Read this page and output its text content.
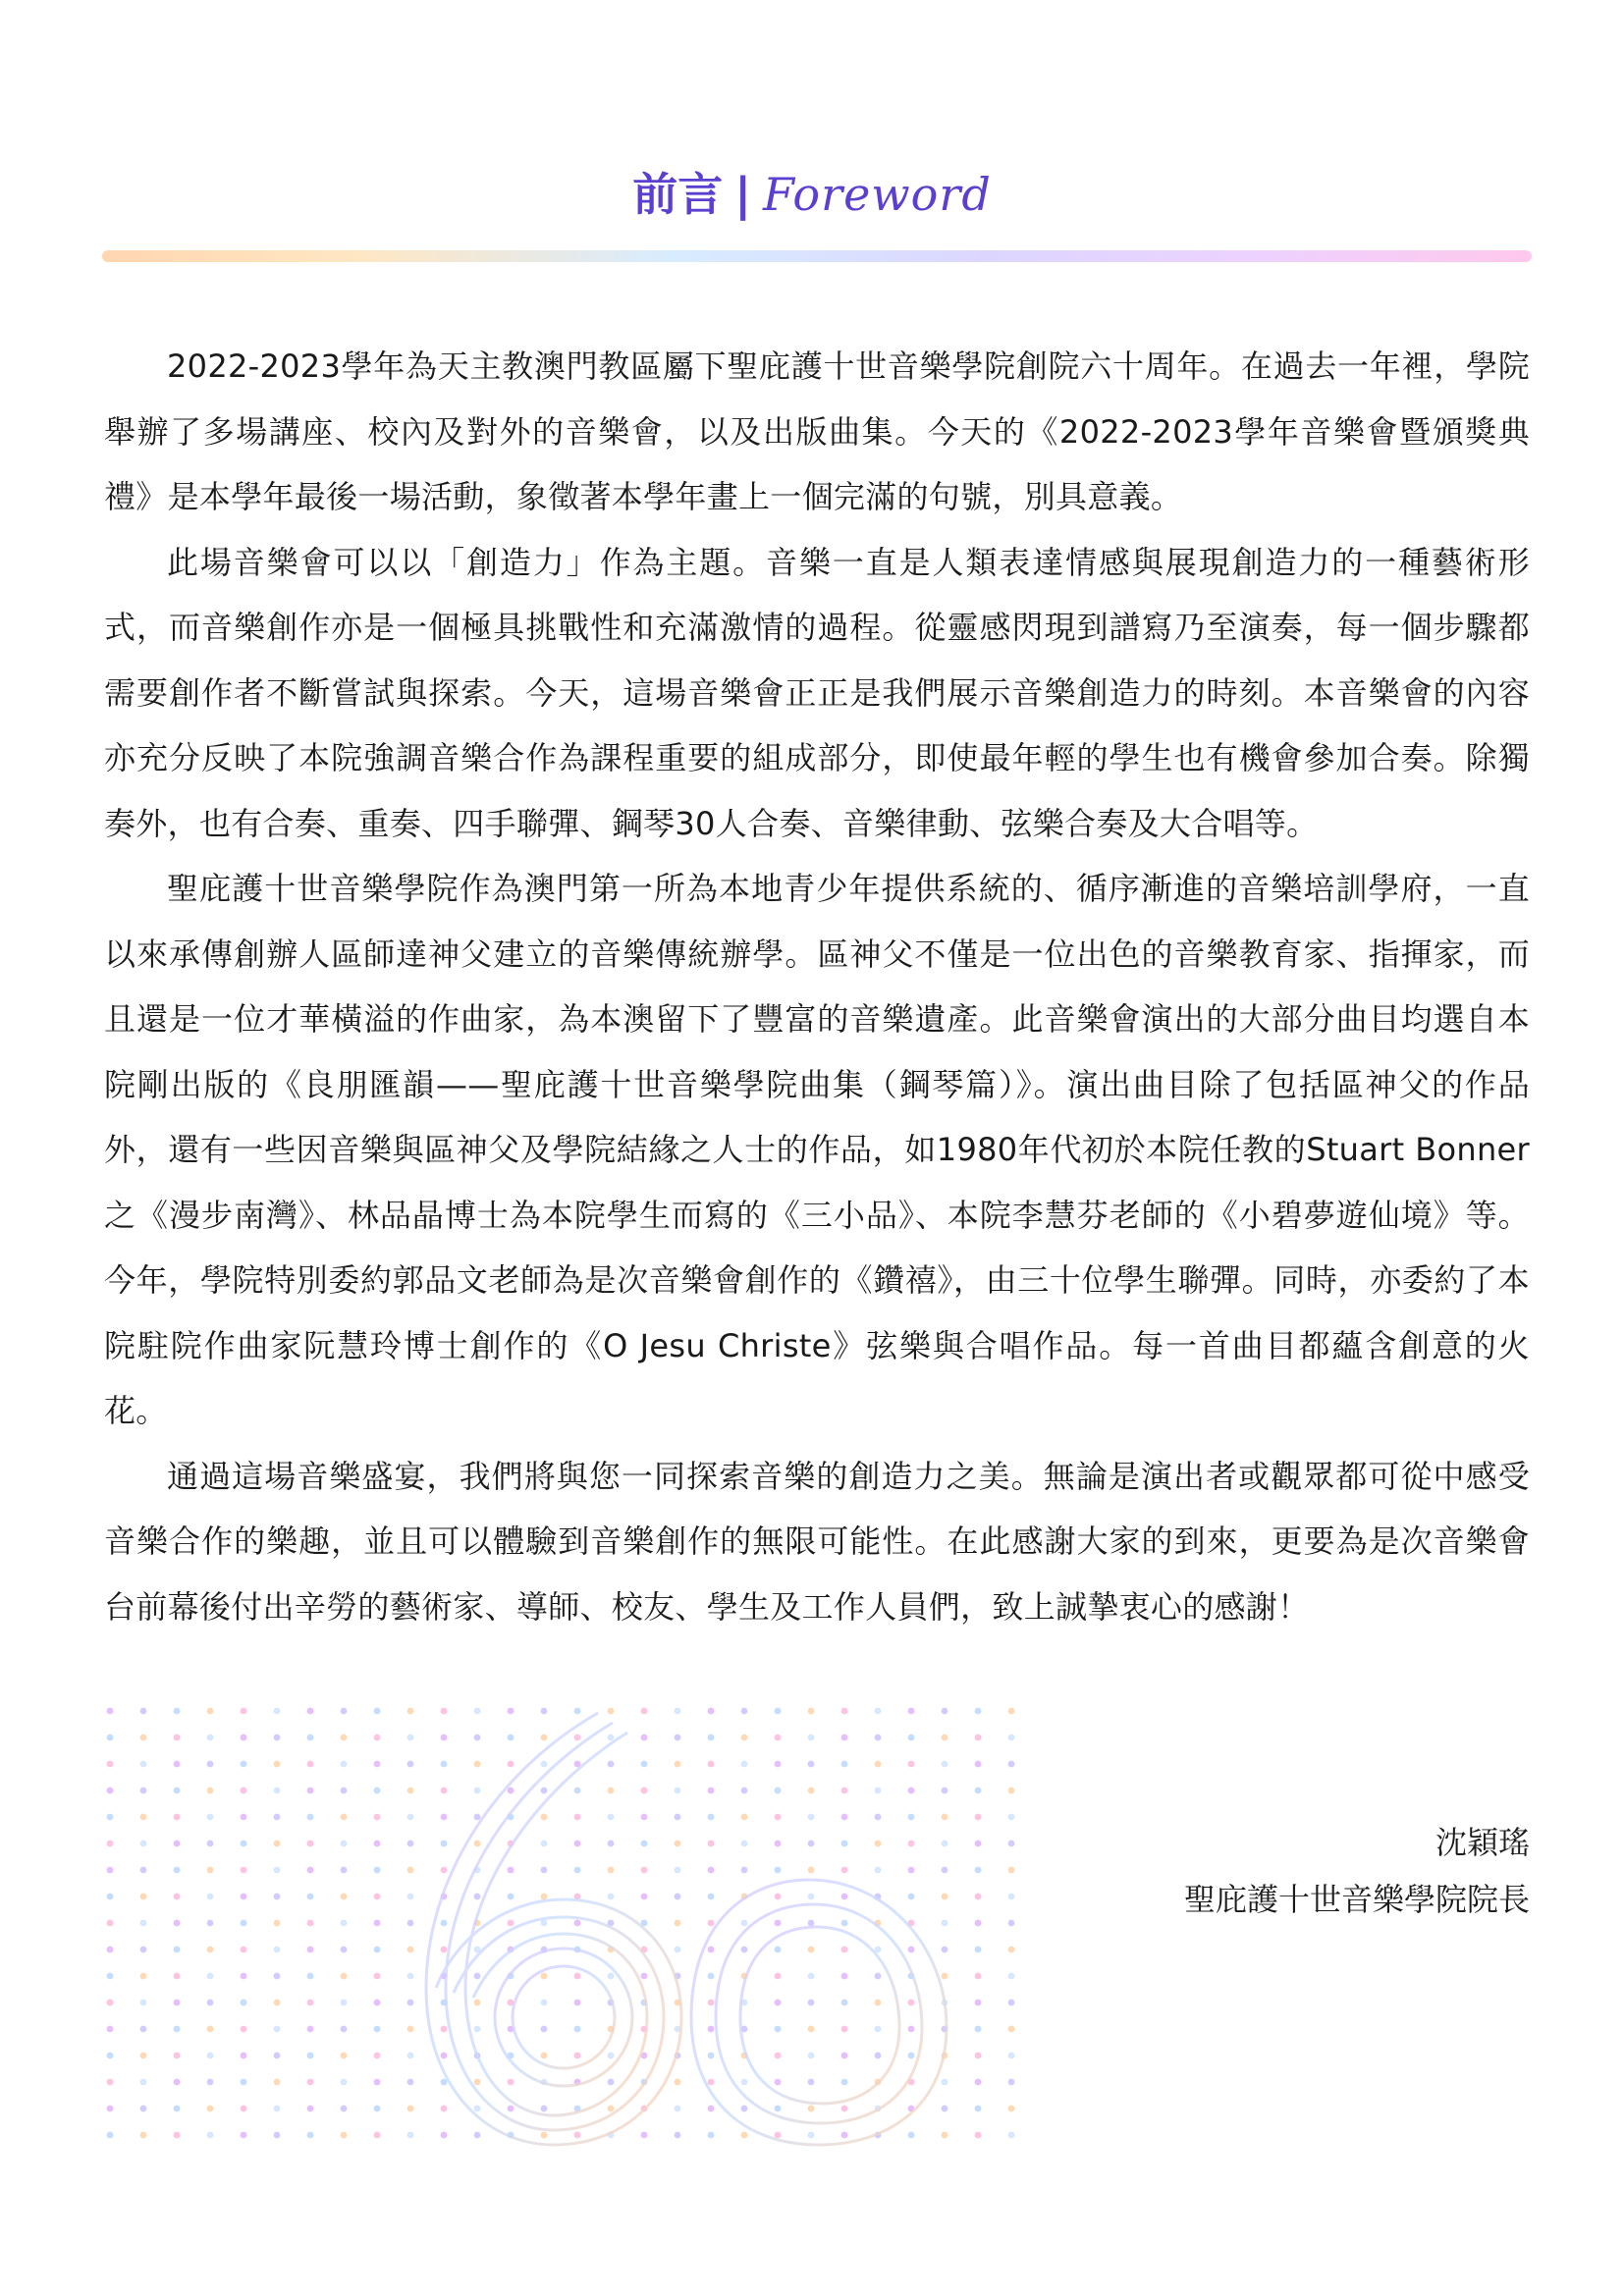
前言 | Foreword

2022-2023學年為天主教澳門教區屬下聖庇護十世音樂學院創院六十周年。在過去一年裡，學院舉辦了多場講座、校內及對外的音樂會，以及出版曲集。今天的《2022-2023學年音樂會暨頒獎典禮》是本學年最後一場活動，象徵著本學年畫上一個完滿的句號，別具意義。

此場音樂會可以以「創造力」作為主題。音樂一直是人類表達情感與展現創造力的一種藝術形式，而音樂創作亦是一個極具挑戰性和充滿激情的過程。從靈感閃現到譜寫乃至演奏，每一個步驟都需要創作者不斷嘗試與探索。今天，這場音樂會正正是我們展示音樂創造力的時刻。本音樂會的內容亦充分反映了本院強調音樂合作為課程重要的組成部分，即使最年輕的學生也有機會參加合奏。除獨奏外，也有合奏、重奏、四手聯彈、鋼琴30人合奏、音樂律動、弦樂合奏及大合唱等。

聖庇護十世音樂學院作為澳門第一所為本地青少年提供系統的、循序漸進的音樂培訓學府，一直以來承傳創辦人區師達神父建立的音樂傳統辦學。區神父不僅是一位出色的音樂教育家、指揮家，而且還是一位才華橫溢的作曲家，為本澳留下了豐富的音樂遺產。此音樂會演出的大部分曲目均選自本院剛出版的《良朋匯韻——聖庇護十世音樂學院曲集（鋼琴篇）》。演出曲目除了包括區神父的作品外，還有一些因音樂與區神父及學院結緣之人士的作品，如1980年代初於本院任教的Stuart Bonner之《漫步南灣》、林品晶博士為本院學生而寫的《三小品》、本院李慧芬老師的《小碧夢遊仙境》等。今年，學院特別委約郭品文老師為是次音樂會創作的《鑽禧》，由三十位學生聯彈。同時，亦委約了本院駐院作曲家阮慧玲博士創作的《O Jesu Christe》弦樂與合唱作品。每一首曲目都蘊含創意的火花。

通過這場音樂盛宴，我們將與您一同探索音樂的創造力之美。無論是演出者或觀眾都可從中感受音樂合作的樂趣，並且可以體驗到音樂創作的無限可能性。在此感謝大家的到來，更要為是次音樂會台前幕後付出辛勞的藝術家、導師、校友、學生及工作人員們，致上誠摯衷心的感謝！

沈穎瑤
聖庇護十世音樂學院院長
